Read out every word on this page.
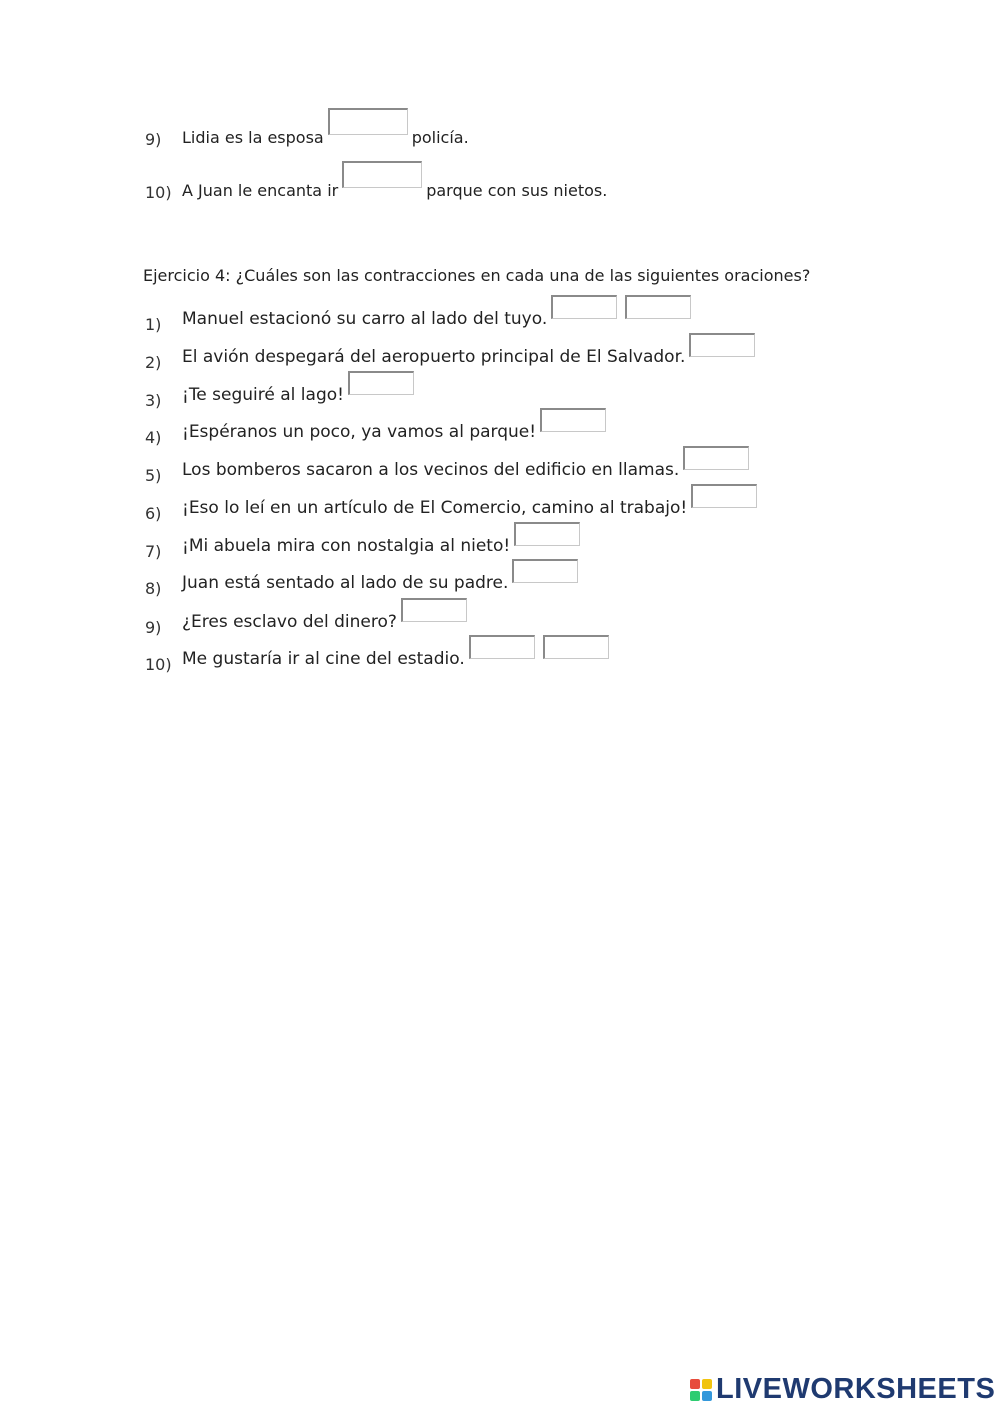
9) Lidia es la esposa	policía.
10) A Juan le encanta ir	parque con sus nietos.
Ejercicio 4: ¿Cuáles son las contracciones en cada una de las siguientes oraciones?
1) Manuel estacionó su carro al lado del tuyo.
2) El avión despegará del aeropuerto principal de El Salvador.
3) ¡Te seguiré al lago!
4) ¡Espéranos un poco, ya vamos al parque!
5) Los bomberos sacaron a los vecinos del edificio en llamas.
6) ¡Eso lo leí en un artículo de El Comercio, camino al trabajo!
7) ¡Mi abuela mira con nostalgia al nieto!
8) Juan está sentado al lado de su padre.
9) ¿Eres esclavo del dinero?
10) Me gustaría ir al cine del estadio.
LIVEWORKSHEETS
